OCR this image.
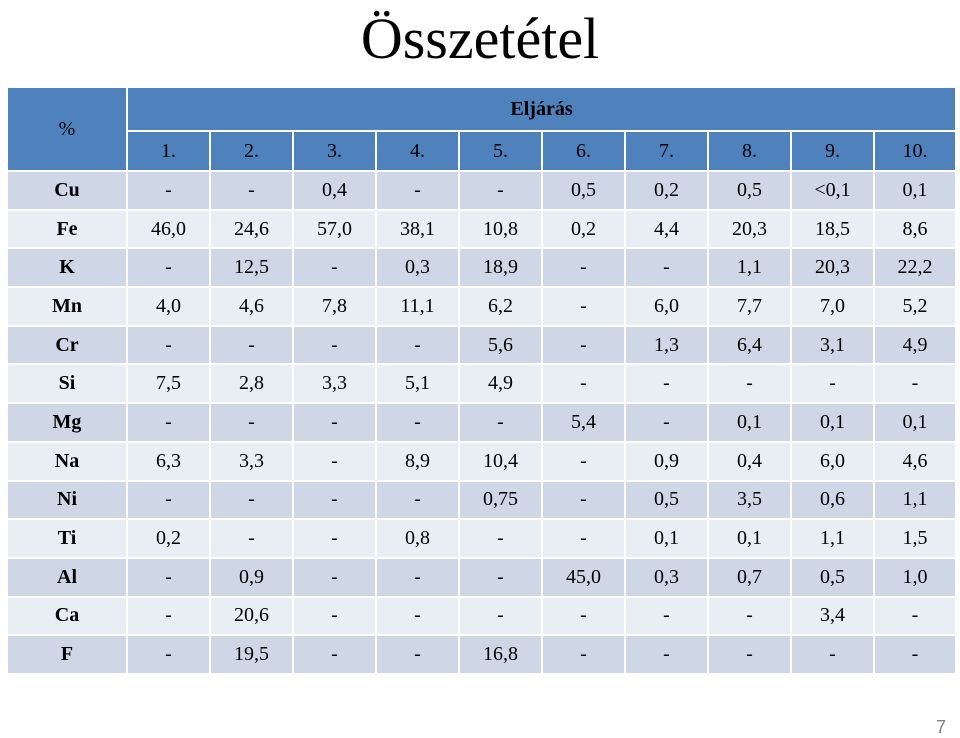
Összetétel
%	Eljárás									
	1.	2.	3.	4.	5.	6.	7.	8.	9.	10.
Cu	-	-	0,4	-	-	0,5	0,2	0,5	<0,1	0,1
Fe	46,0	24,6	57,0	38,1	10,8	0,2	4,4	20,3	18,5	8,6
K	-	12,5	-	0,3	18,9	-	-	1,1	20,3	22,2
Mn	4,0	4,6	7,8	11,1	6,2	-	6,0	7,7	7,0	5,2
Cr	-	-	-	-	5,6	-	1,3	6,4	3,1	4,9
Si	7,5	2,8	3,3	5,1	4,9	-	-	-	-	-
Mg	-	-	-	-	-	5,4	-	0,1	0,1	0,1
Na	6,3	3,3	-	8,9	10,4	-	0,9	0,4	6,0	4,6
Ni	-	-	-	-	0,75	-	0,5	3,5	0,6	1,1
Ti	0,2	-	-	0,8	-	-	0,1	0,1	1,1	1,5
Al	-	0,9	-	-	-	45,0	0,3	0,7	0,5	1,0
Ca	-	20,6	-	-	-	-	-	-	3,4	-
F	-	19,5	-	-	16,8	-	-	-	-	-
7
